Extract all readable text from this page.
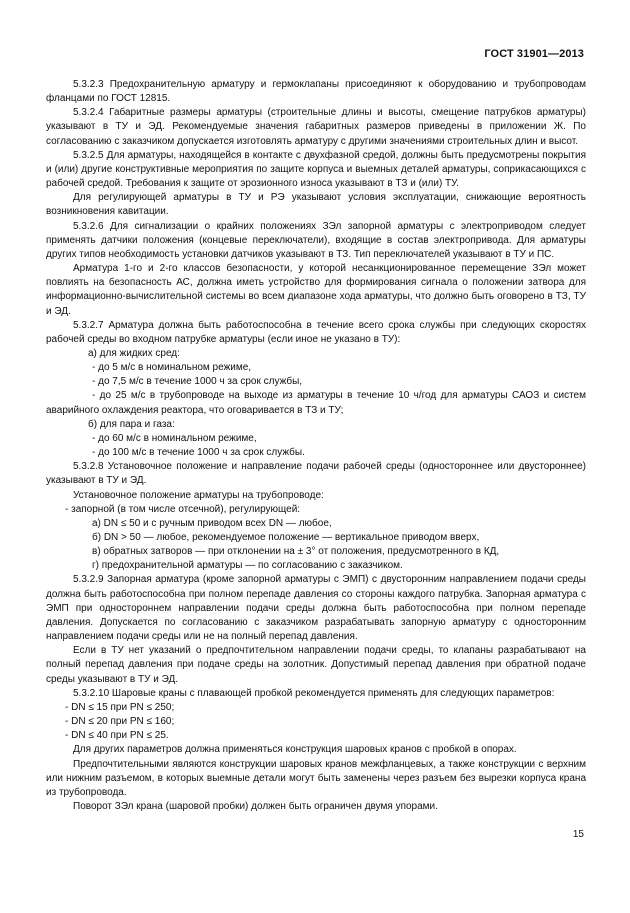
ГОСТ 31901—2013

5.3.2.3 Предохранительную арматуру и гермоклапаны присоединяют к оборудованию и трубопроводам фланцами по ГОСТ 12815.

5.3.2.4 Габаритные размеры арматуры (строительные длины и высоты, смещение патрубков арматуры) указывают в ТУ и ЭД. Рекомендуемые значения габаритных размеров приведены в приложении Ж. По согласованию с заказчиком допускается изготовлять арматуру с другими значениями строительных длин и высот.

5.3.2.5 Для арматуры, находящейся в контакте с двухфазной средой, должны быть предусмотрены покрытия и (или) другие конструктивные мероприятия по защите корпуса и выемных деталей арматуры, соприкасающихся с рабочей средой. Требования к защите от эрозионного износа указывают в ТЗ и (или) ТУ.

Для регулирующей арматуры в ТУ и РЭ указывают условия эксплуатации, снижающие вероятность возникновения кавитации.

5.3.2.6 Для сигнализации о крайних положениях ЗЭл запорной арматуры с электроприводом следует применять датчики положения (концевые переключатели), входящие в состав электропривода. Для арматуры других типов необходимость установки датчиков указывают в ТЗ. Тип переключателей указывают в ТУ и ПС.

Арматура 1-го и 2-го классов безопасности, у которой несанкционированное перемещение ЗЭл может повлиять на безопасность АС, должна иметь устройство для формирования сигнала о положении затвора для информационно-вычислительной системы во всем диапазоне хода арматуры, что должно быть оговорено в ТЗ, ТУ и ЭД.

5.3.2.7 Арматура должна быть работоспособна в течение всего срока службы при следующих скоростях рабочей среды во входном патрубке арматуры (если иное не указано в ТУ):

а) для жидких сред:

- до 5 м/с в номинальном режиме,

- до 7,5 м/с в течение 1000 ч за срок службы,

- до 25 м/с в трубопроводе на выходе из арматуры в течение 10 ч/год для арматуры САОЗ и систем аварийного охлаждения реактора, что оговаривается в ТЗ и ТУ;

б) для пара и газа:

- до 60 м/с в номинальном режиме,

- до 100 м/с в течение 1000 ч за срок службы.

5.3.2.8 Установочное положение и направление подачи рабочей среды (одностороннее или двустороннее) указывают в ТУ и ЭД.

Установочное положение арматуры на трубопроводе:

- запорной (в том числе отсечной), регулирующей:

а) DN ≤ 50 и с ручным приводом всех DN — любое,

б) DN > 50 — любое, рекомендуемое положение — вертикальное приводом вверх,

в) обратных затворов — при отклонении на ± 3° от положения, предусмотренного в КД,

г) предохранительной арматуры — по согласованию с заказчиком.

5.3.2.9 Запорная арматура (кроме запорной арматуры с ЭМП) с двусторонним направлением подачи среды должна быть работоспособна при полном перепаде давления со стороны каждого патрубка. Запорная арматура с ЭМП при одностороннем направлении подачи среды должна быть работоспособна при полном перепаде давления. Допускается по согласованию с заказчиком разрабатывать запорную арматуру с односторонним направлением подачи среды или не на полный перепад давления.

Если в ТУ нет указаний о предпочтительном направлении подачи среды, то клапаны разрабатывают на полный перепад давления при подаче среды на золотник. Допустимый перепад давления при обратной подаче среды указывают в ТУ и ЭД.

5.3.2.10 Шаровые краны с плавающей пробкой рекомендуется применять для следующих параметров:

- DN ≤ 15 при PN ≤ 250;

- DN ≤ 20 при PN ≤ 160;

- DN ≤ 40 при PN ≤ 25.

Для других параметров должна применяться конструкция шаровых кранов с пробкой в опорах.

Предпочтительными являются конструкции шаровых кранов межфланцевых, а также конструкции с верхним или нижним разъемом, в которых выемные детали могут быть заменены через разъем без вырезки корпуса крана из трубопровода.

Поворот ЗЭл крана (шаровой пробки) должен быть ограничен двумя упорами.

15
